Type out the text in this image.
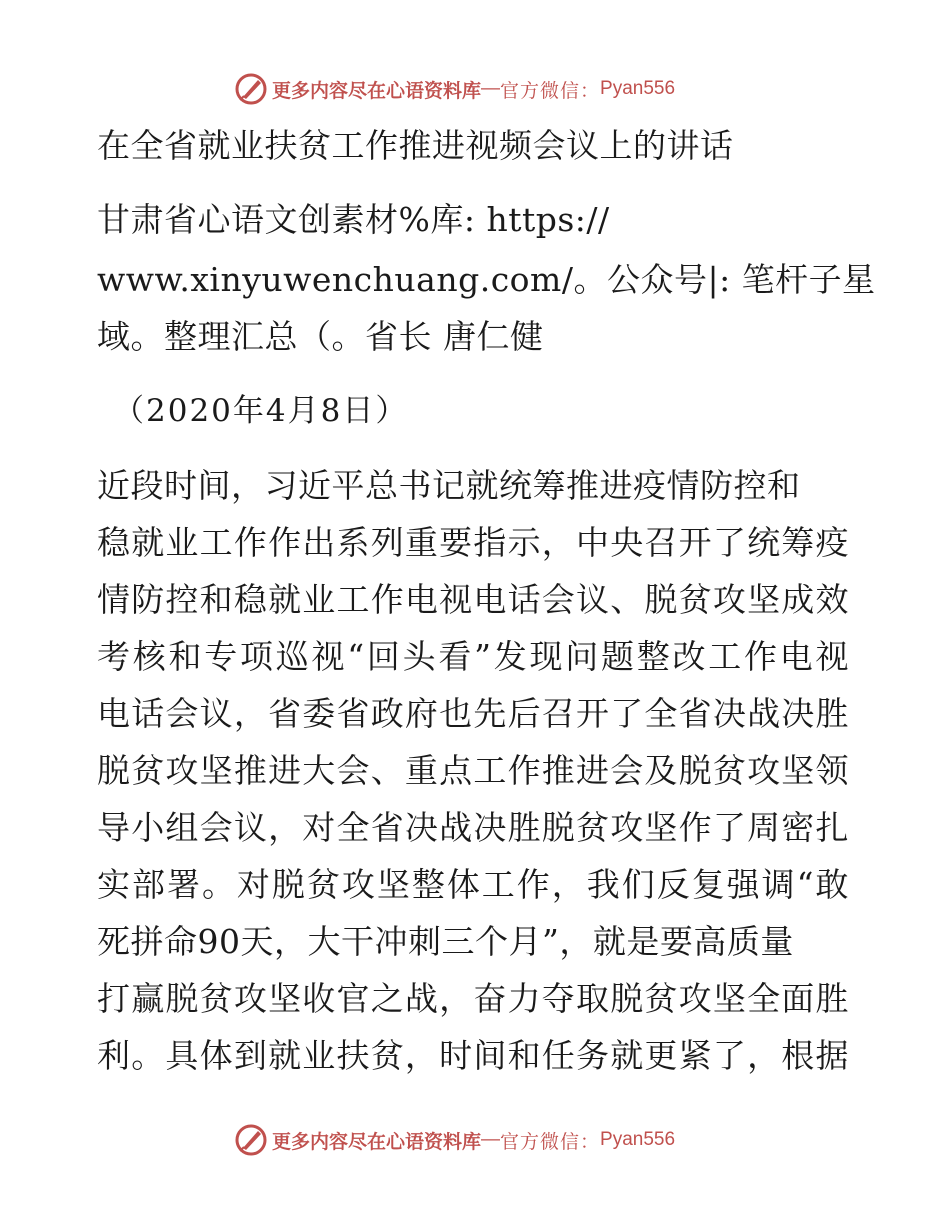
更多内容尽在心语资料库 — 官方微信： Pyan556
在全省就业扶贫工作推进视频会议上的讲话
甘肃省心语文创素材%库: https://
www.xinyuwenchuang.com/。公众号|: 笔杆子星
域。整理汇总（。省长 唐仁健
（2020年4月8日）
近段时间，习近平总书记就统筹推进疫情防控和
稳就业工作作出系列重要指示，中央召开了统筹疫
情防控和稳就业工作电视电话会议、脱贫攻坚成效
考核和专项巡视“回头看”发现问题整改工作电视
电话会议，省委省政府也先后召开了全省决战决胜
脱贫攻坚推进大会、重点工作推进会及脱贫攻坚领
导小组会议，对全省决战决胜脱贫攻坚作了周密扎
实部署。对脱贫攻坚整体工作，我们反复强调“敢
死拼命90天，大干冲刺三个月”，就是要高质量
打赢脱贫攻坚收官之战，奋力夺取脱贫攻坚全面胜
利。具体到就业扶贫，时间和任务就更紧了，根据
更多内容尽在心语资料库 — 官方微信： Pyan556
